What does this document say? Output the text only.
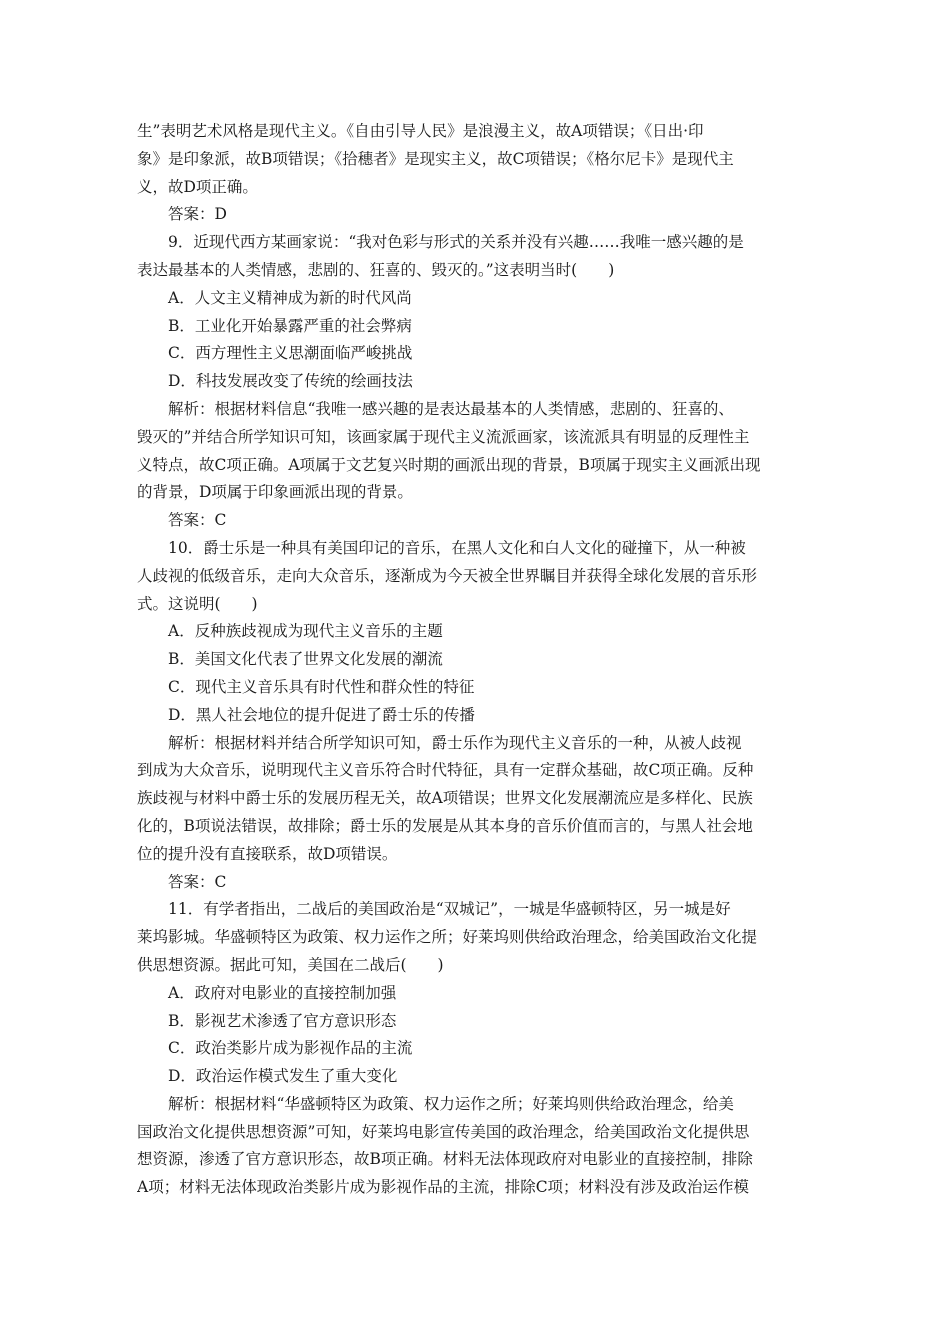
生”表明艺术风格是现代主义。《自由引导人民》是浪漫主义，故A项错误；《日出·印
象》是印象派，故B项错误；《拾穗者》是现实主义，故C项错误；《格尔尼卡》是现代主
义，故D项正确。
答案：D
9．近现代西方某画家说：“我对色彩与形式的关系并没有兴趣……我唯一感兴趣的是
表达最基本的人类情感，悲剧的、狂喜的、毁灭的。”这表明当时(　　)
A．人文主义精神成为新的时代风尚
B．工业化开始暴露严重的社会弊病
C．西方理性主义思潮面临严峻挑战
D．科技发展改变了传统的绘画技法
解析：根据材料信息“我唯一感兴趣的是表达最基本的人类情感，悲剧的、狂喜的、
毁灭的”并结合所学知识可知，该画家属于现代主义流派画家，该流派具有明显的反理性主
义特点，故C项正确。A项属于文艺复兴时期的画派出现的背景，B项属于现实主义画派出现
的背景，D项属于印象画派出现的背景。
答案：C
10．爵士乐是一种具有美国印记的音乐，在黑人文化和白人文化的碰撞下，从一种被
人歧视的低级音乐，走向大众音乐，逐渐成为今天被全世界瞩目并获得全球化发展的音乐形
式。这说明(　　)
A．反种族歧视成为现代主义音乐的主题
B．美国文化代表了世界文化发展的潮流
C．现代主义音乐具有时代性和群众性的特征
D．黑人社会地位的提升促进了爵士乐的传播
解析：根据材料并结合所学知识可知，爵士乐作为现代主义音乐的一种，从被人歧视
到成为大众音乐，说明现代主义音乐符合时代特征，具有一定群众基础，故C项正确。反种
族歧视与材料中爵士乐的发展历程无关，故A项错误；世界文化发展潮流应是多样化、民族
化的，B项说法错误，故排除；爵士乐的发展是从其本身的音乐价值而言的，与黑人社会地
位的提升没有直接联系，故D项错误。
答案：C
11．有学者指出，二战后的美国政治是“双城记”，一城是华盛顿特区，另一城是好
莱坞影城。华盛顿特区为政策、权力运作之所；好莱坞则供给政治理念，给美国政治文化提
供思想资源。据此可知，美国在二战后(　　)
A．政府对电影业的直接控制加强
B．影视艺术渗透了官方意识形态
C．政治类影片成为影视作品的主流
D．政治运作模式发生了重大变化
解析：根据材料“华盛顿特区为政策、权力运作之所；好莱坞则供给政治理念，给美
国政治文化提供思想资源”可知，好莱坞电影宣传美国的政治理念，给美国政治文化提供思
想资源，渗透了官方意识形态，故B项正确。材料无法体现政府对电影业的直接控制，排除
A项；材料无法体现政治类影片成为影视作品的主流，排除C项；材料没有涉及政治运作模
